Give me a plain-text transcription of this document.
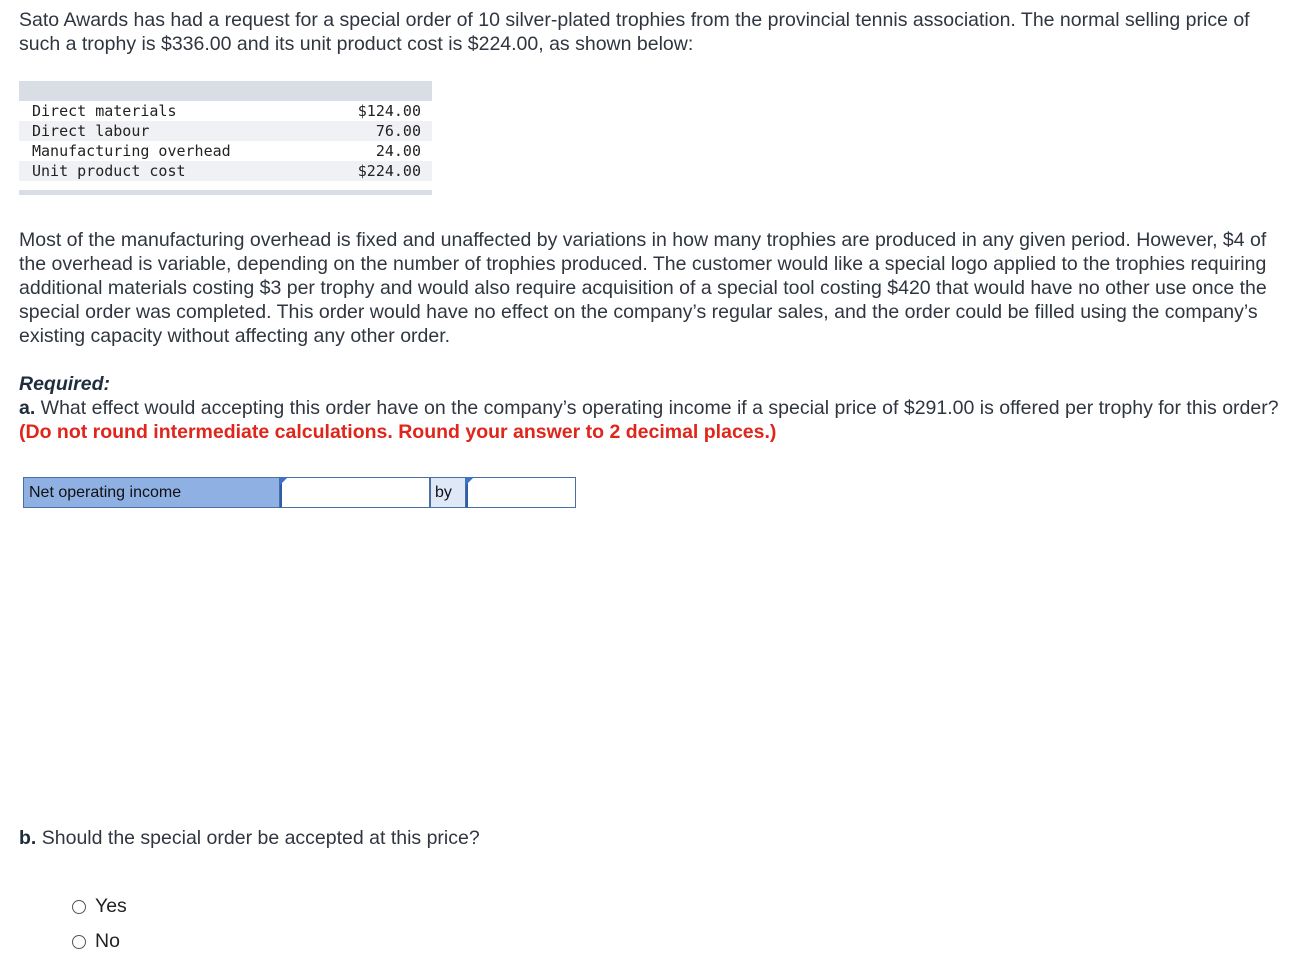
Sato Awards has had a request for a special order of 10 silver-plated trophies from the provincial tennis association. The normal selling price of such a trophy is $336.00 and its unit product cost is $224.00, as shown below:

Direct materials	$124.00
Direct labour	76.00
Manufacturing overhead	24.00
Unit product cost	$224.00

Most of the manufacturing overhead is fixed and unaffected by variations in how many trophies are produced in any given period. However, $4 of the overhead is variable, depending on the number of trophies produced. The customer would like a special logo applied to the trophies requiring additional materials costing $3 per trophy and would also require acquisition of a special tool costing $420 that would have no other use once the special order was completed. This order would have no effect on the company’s regular sales, and the order could be filled using the company’s existing capacity without affecting any other order.

Required:
a. What effect would accepting this order have on the company’s operating income if a special price of $291.00 is offered per trophy for this order? (Do not round intermediate calculations. Round your answer to 2 decimal places.)
Net operating income	by

b. Should the special order be accepted at this price?

Yes
No
